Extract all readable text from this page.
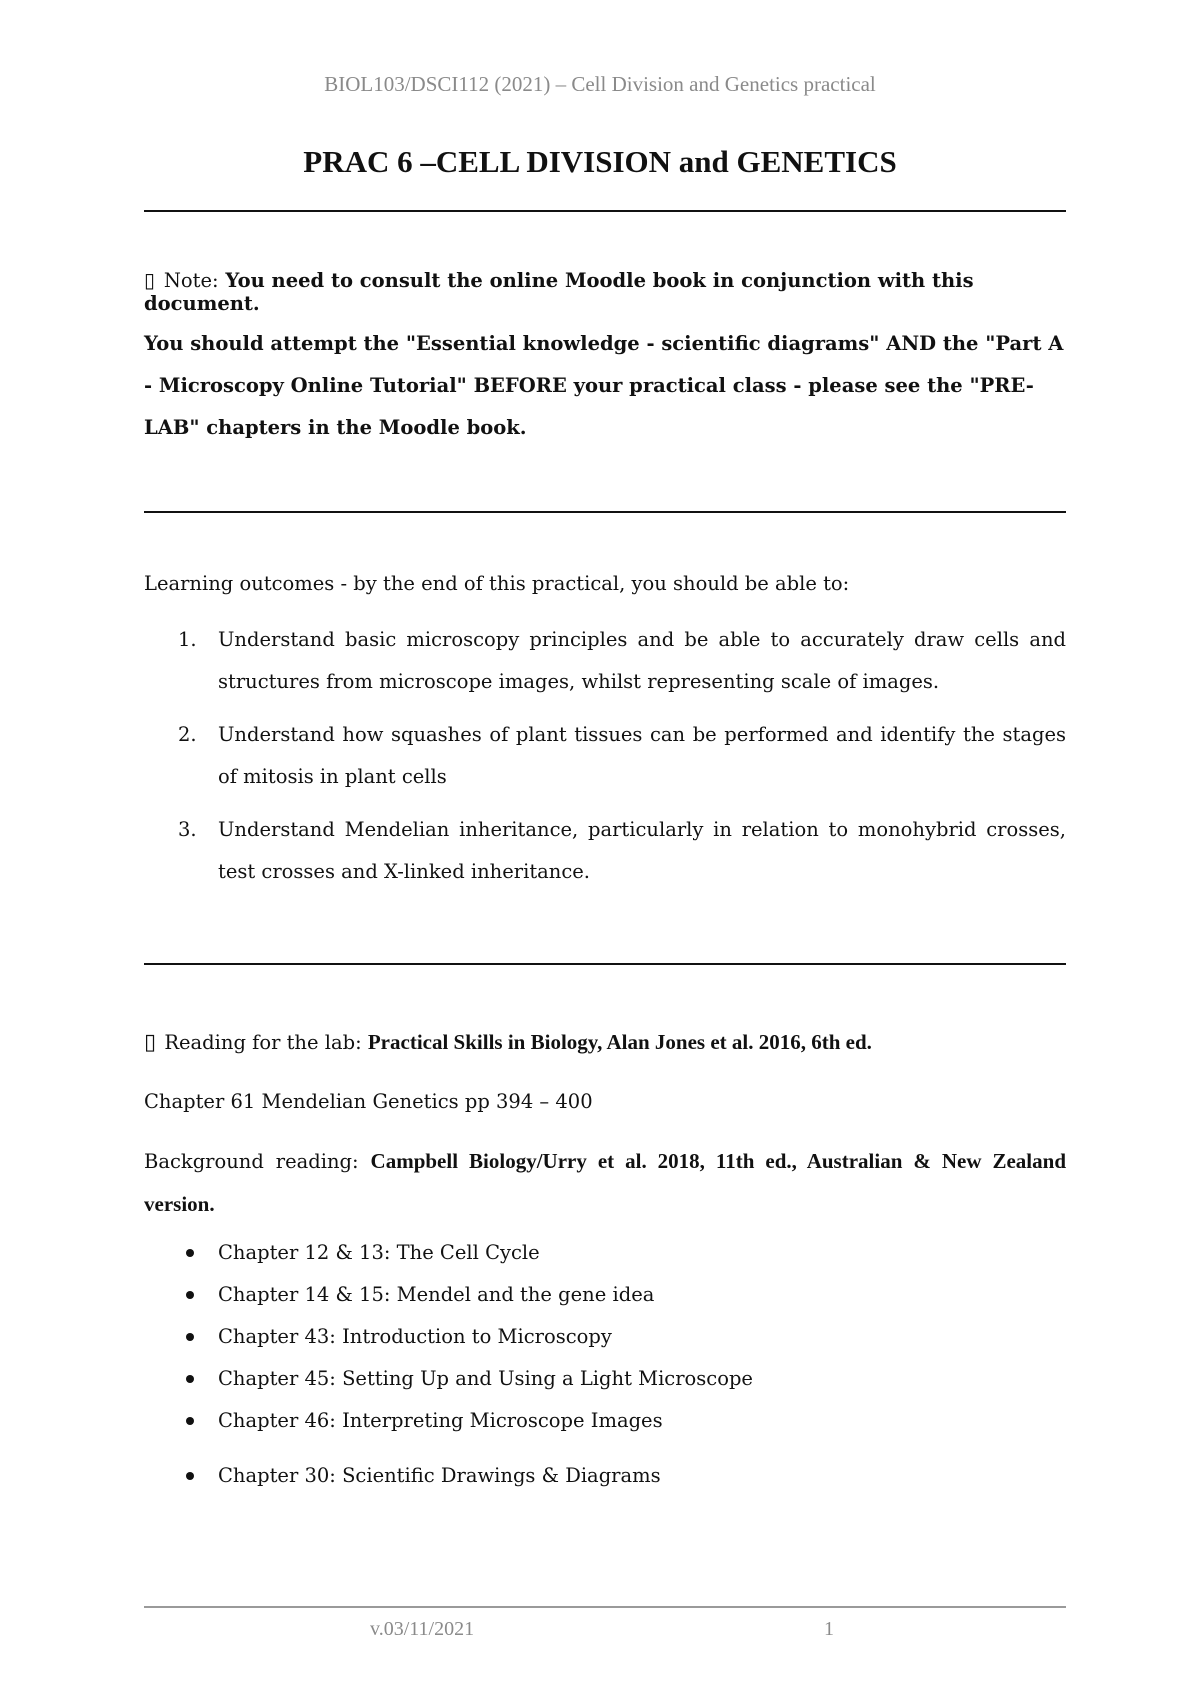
BIOL103/DSCI112 (2021) – Cell Division and Genetics practical
PRAC 6 –CELL DIVISION and GENETICS
▯ Note: You need to consult the online Moodle book in conjunction with this document.
You should attempt the "Essential knowledge - scientific diagrams" AND the "Part A - Microscopy Online Tutorial" BEFORE your practical class - please see the "PRE-LAB" chapters in the Moodle book.
Learning outcomes - by the end of this practical, you should be able to:
1. Understand basic microscopy principles and be able to accurately draw cells and structures from microscope images, whilst representing scale of images.
2. Understand how squashes of plant tissues can be performed and identify the stages of mitosis in plant cells
3. Understand Mendelian inheritance, particularly in relation to monohybrid crosses, test crosses and X-linked inheritance.
▯ Reading for the lab: Practical Skills in Biology, Alan Jones et al. 2016, 6th ed.
Chapter 61 Mendelian Genetics pp 394 – 400
Background reading: Campbell Biology/Urry et al. 2018, 11th ed., Australian & New Zealand version.
Chapter 12 & 13: The Cell Cycle
Chapter 14 & 15: Mendel and the gene idea
Chapter 43: Introduction to Microscopy
Chapter 45: Setting Up and Using a Light Microscope
Chapter 46: Interpreting Microscope Images
Chapter 30: Scientific Drawings & Diagrams
v.03/11/2021	1
